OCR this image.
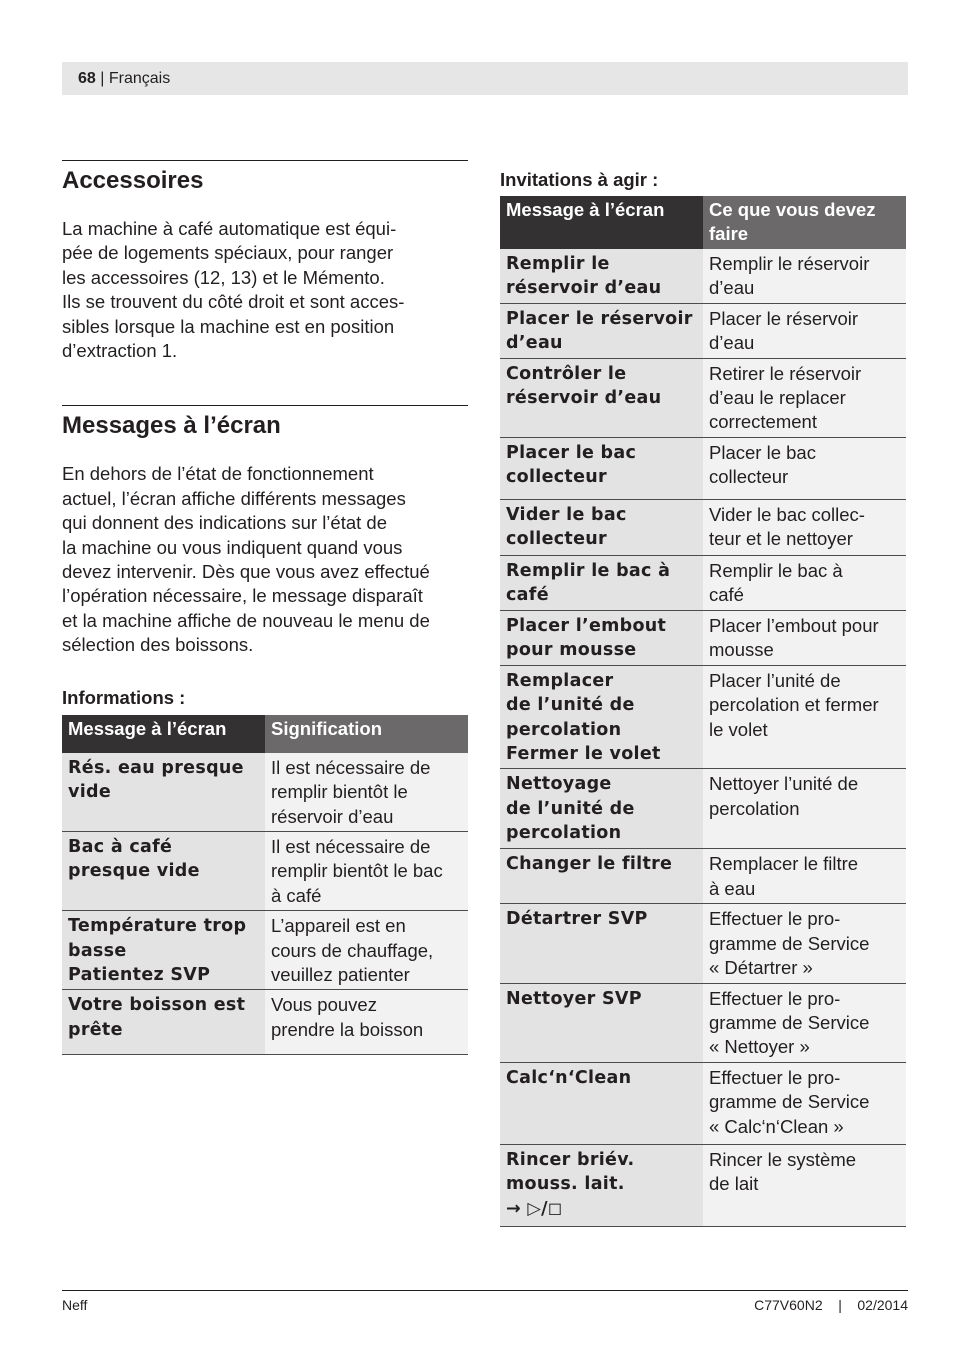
68 | Français
Accessoires

La machine à café automatique est équi-
pée de logements spéciaux, pour ranger
les accessoires (12, 13) et le Mémento.
Ils se trouvent du côté droit et sont acces-
sibles lorsque la machine est en position
d’extraction 1.

Messages à l’écran

En dehors de l’état de fonctionnement
actuel, l’écran affiche différents messages
qui donnent des indications sur l’état de
la machine ou vous indiquent quand vous
devez intervenir. Dès que vous avez effectué
l’opération nécessaire, le message disparaît
et la machine affiche de nouveau le menu de
sélection des boissons.

Informations :
Message à l’écran	Signification

Rés. eau presque
vide	Il est nécessaire de
remplir bientôt le
réservoir d’eau

Bac à café
presque vide	Il est nécessaire de
remplir bientôt le bac
à café

Température trop
basse
Patientez SVP	L’appareil est en
cours de chauffage,
veuillez patienter

Votre boisson est
prête	Vous pouvez
prendre la boisson
Invitations à agir :
Message à l’écran	Ce que vous devez
faire

Remplir le
réservoir d’eau	Remplir le réservoir
d’eau

Placer le réservoir
d’eau	Placer le réservoir
d’eau

Contrôler le
réservoir d’eau	Retirer le réservoir
d’eau le replacer
correctement

Placer le bac
collecteur	Placer le bac
collecteur

Vider le bac
collecteur	Vider le bac collec-
teur et le nettoyer

Remplir le bac à
café	Remplir le bac à
café

Placer l’embout
pour mousse	Placer l’embout pour
mousse

Remplacer
de l’unité de
percolation
Fermer le volet	Placer l’unité de
percolation et fermer
le volet

Nettoyage
de l’unité de
percolation	Nettoyer l’unité de
percolation

Changer le filtre	Remplacer le filtre
à eau

Détartrer SVP	Effectuer le pro-
gramme de Service
« Détartrer »

Nettoyer SVP	Effectuer le pro-
gramme de Service
« Nettoyer »

Calc‘n‘Clean	Effectuer le pro-
gramme de Service
« Calc‘n‘Clean »

Rincer briév.
mouss. lait.
→ ▷/◻	Rincer le système
de lait
Neff	C77V60N2 | 02/2014
